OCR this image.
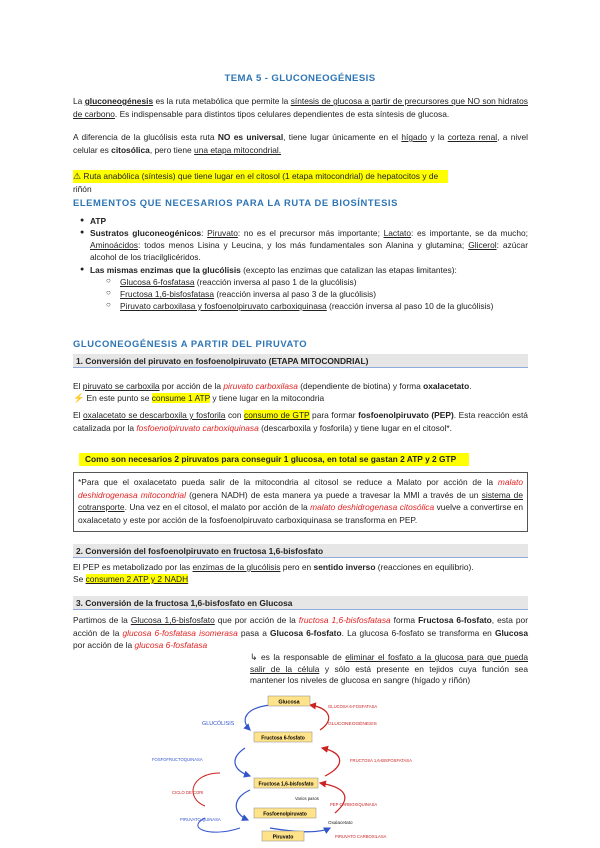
TEMA 5 - GLUCONEOGÉNESIS
La gluconeogénesis es la ruta metabólica que permite la síntesis de glucosa a partir de precursores que NO son hidratos de carbono. Es indispensable para distintos tipos celulares dependientes de esta síntesis de glucosa.
A diferencia de la glucólisis esta ruta NO es universal, tiene lugar únicamente en el hígado y la corteza renal, a nivel celular es citosólica, pero tiene una etapa mitocondrial.
⚠ Ruta anabólica (síntesis) que tiene lugar en el citosol (1 etapa mitocondrial) de hepatocitos y de riñón
ELEMENTOS QUE NECESARIOS PARA LA RUTA DE BIOSÍNTESIS
● ATP
● Sustratos gluconeogénicos: Piruvato: no es el precursor más importante; Lactato: es importante, se da mucho; Aminoácidos: todos menos Lisina y Leucina, y los más fundamentales son Alanina y glutamina; Glicerol: azúcar alcohol de los triacilglicéridos.
● Las mismas enzimas que la glucólisis (excepto las enzimas que catalizan las etapas limitantes):
○ Glucosa 6-fosfatasa (reacción inversa al paso 1 de la glucólisis)
○ Fructosa 1,6-bisfosfatasa (reacción inversa al paso 3 de la glucólisis)
○ Piruvato carboxilasa y fosfoenolpiruvato carboxiquinasa (reacción inversa al paso 10 de la glucólisis)
GLUCONEOGÉNESIS A PARTIR DEL PIRUVATO
1. Conversión del piruvato en fosfoenolpiruvato (ETAPA MITOCONDRIAL)
El piruvato se carboxila por acción de la piruvato carboxilasa (dependiente de biotina) y forma oxalacetato.
⚡ En este punto se consume 1 ATP y tiene lugar en la mitocondria
El oxalacetato se descarboxila y fosforila con consumo de GTP para formar fosfoenolpiruvato (PEP). Esta reacción está catalizada por la fosfoenolpiruvato carboxiquinasa (descarboxila y fosforila) y tiene lugar en el citosol*.
Como son necesarios 2 piruvatos para conseguir 1 glucosa, en total se gastan 2 ATP y 2 GTP
*Para que el oxalacetato pueda salir de la mitocondria al citosol se reduce a Malato por acción de la malato deshidrogenasa mitocondrial (genera NADH) de esta manera ya puede a travesar la MMI a través de un sistema de cotransporte. Una vez en el citosol, el malato por acción de la malato deshidrogenasa citosólica vuelve a convertirse en oxalacetato y este por acción de la fosfoenolpiruvato carboxiquinasa se transforma en PEP.
2. Conversión del fosfoenolpiruvato en fructosa 1,6-bisfosfato
El PEP es metabolizado por las enzimas de la glucólisis pero en sentido inverso (reacciones en equilibrio).
Se consumen 2 ATP y 2 NADH
3. Conversión de la fructosa 1,6-bisfosfato en Glucosa
Partimos de la Glucosa 1,6-bisfosfato que por acción de la fructosa 1,6-bisfosfatasa forma Fructosa 6-fosfato, esta por acción de la glucosa 6-fosfatasa isomerasa pasa a Glucosa 6-fosfato. La glucosa 6-fosfato se transforma en Glucosa por acción de la glucosa 6-fosfatasa
↳ es la responsable de eliminar el fosfato a la glucosa para que pueda salir de la célula y sólo está presente en tejidos cuya función sea mantener los niveles de glucosa en sangre (hígado y riñón)
Glucosa
Fructosa 6-fosfato
Fructosa 1,6-bisfosfato
Fosfoenolpiruvato
Piruvato
GLUCÓLISIS	GLUCONEOGÉNESIS
GLUCOSA 6-FOSFATASA
FOSFOFRUCTOQUINASA	FRUCTOSA 1,6-BISFOSFATASA
Varios pasos
PEP CARBOXIQUINASA
Oxalacetato
PIRUVATO CARBOXILASA
PIRUVATO QUINASA
CICLO DE CORI
